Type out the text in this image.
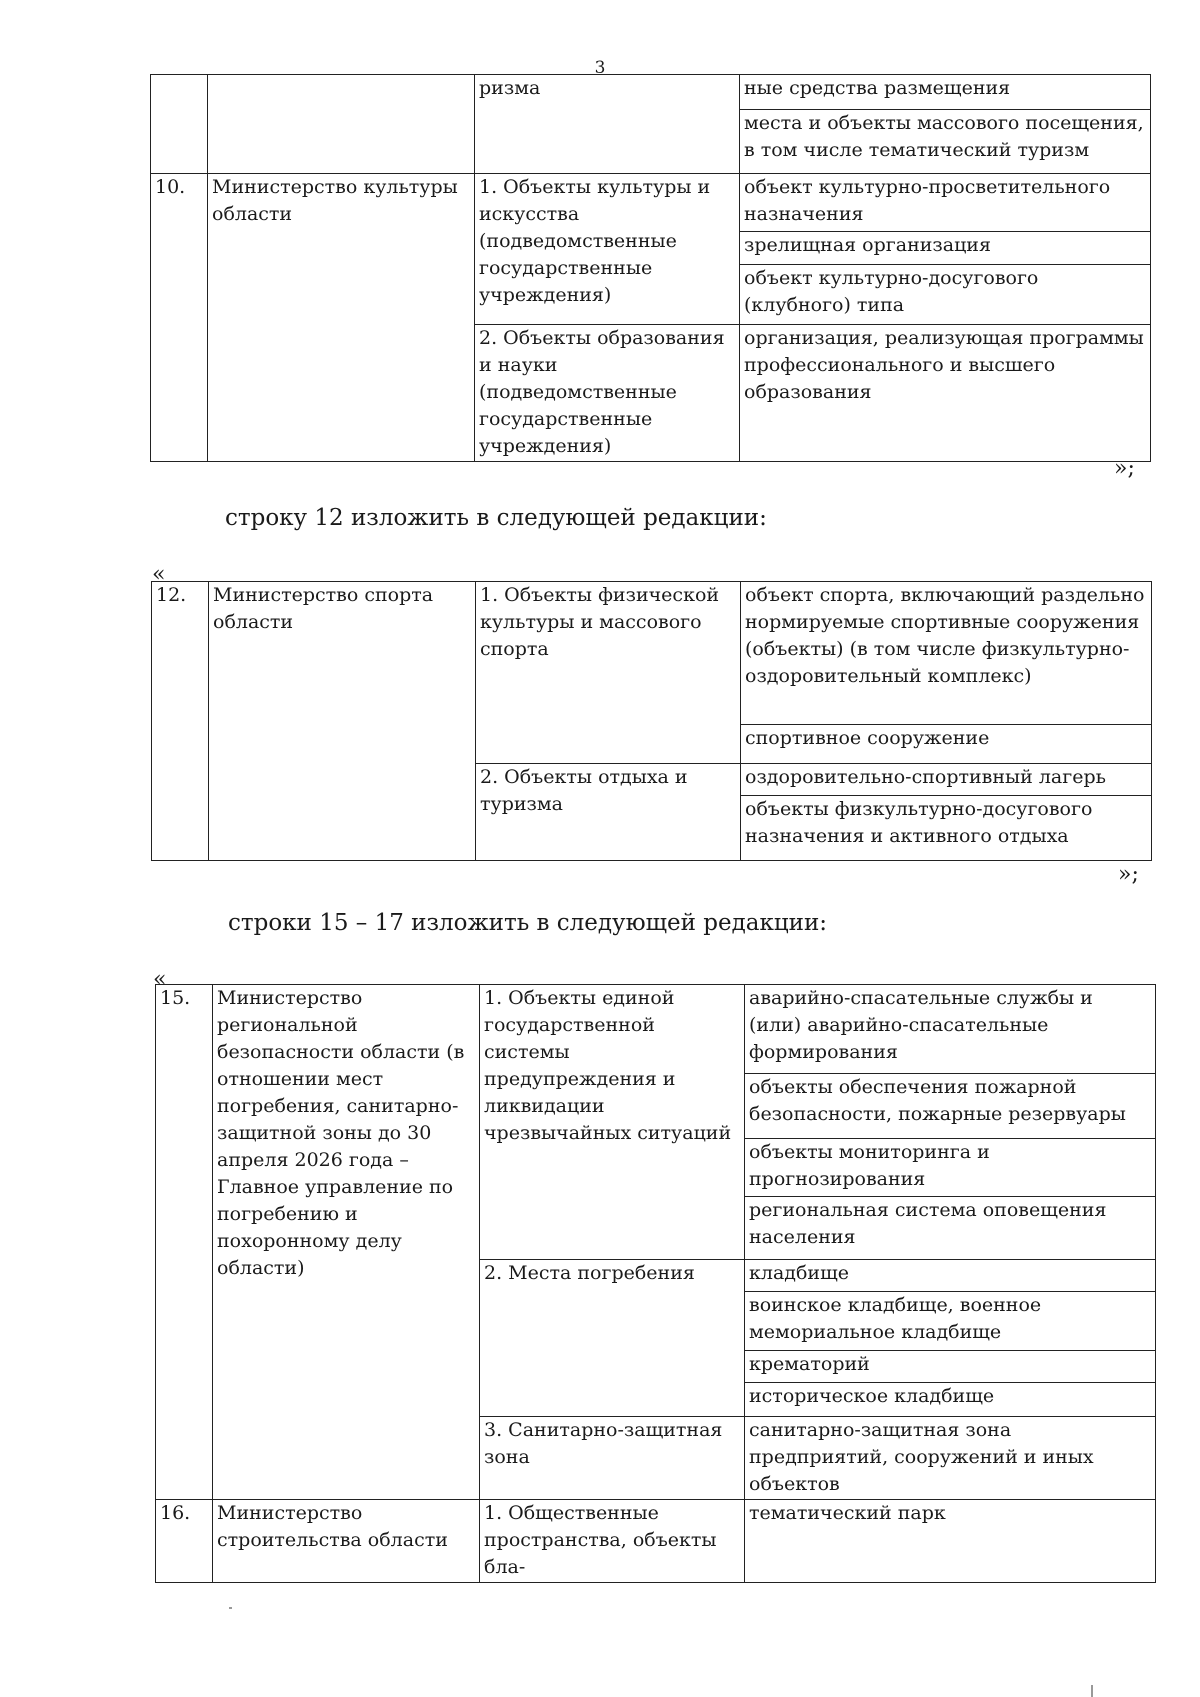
3
		ризма	ные средства размещения
			места и объекты массового посещения, в том числе тематический туризм
10.	Министерство культуры области	1. Объекты культуры и искусства (подведомственные государственные учреждения)	объект культурно-просветительного назначения
			зрелищная организация
			объект культурно-досугового (клубного) типа
		2. Объекты образования и науки (подведомственные государственные учреждения)	организация, реализующая программы профессионального и высшего образования
»;
строку 12 изложить в следующей редакции:
«
12.	Министерство спорта области	1. Объекты физической культуры и массового спорта	объект спорта, включающий раздельно нормируемые спортивные сооружения (объекты) (в том числе физкультурно-оздоровительный комплекс)
			спортивное сооружение
		2. Объекты отдыха и туризма	оздоровительно-спортивный лагерь
			объекты физкультурно-досугового назначения и активного отдыха
»;
строки 15 – 17 изложить в следующей редакции:
«
15.	Министерство региональной безопасности области (в отношении мест погребения, санитарно-защитной зоны до 30 апреля 2026 года – Главное управление по погребению и похоронному делу области)	1. Объекты единой государственной системы предупреждения и ликвидации чрезвычайных ситуаций	аварийно-спасательные службы и (или) аварийно-спасательные формирования
			объекты обеспечения пожарной безопасности, пожарные резервуары
			объекты мониторинга и прогнозирования
			региональная система оповещения населения
		2. Места погребения	кладбище
			воинское кладбище, военное мемориальное кладбище
			крематорий
			историческое кладбище
		3. Санитарно-защитная зона	санитарно-защитная зона предприятий, сооружений и иных объектов
16.	Министерство строительства области	1. Общественные пространства, объекты бла-	тематический парк
